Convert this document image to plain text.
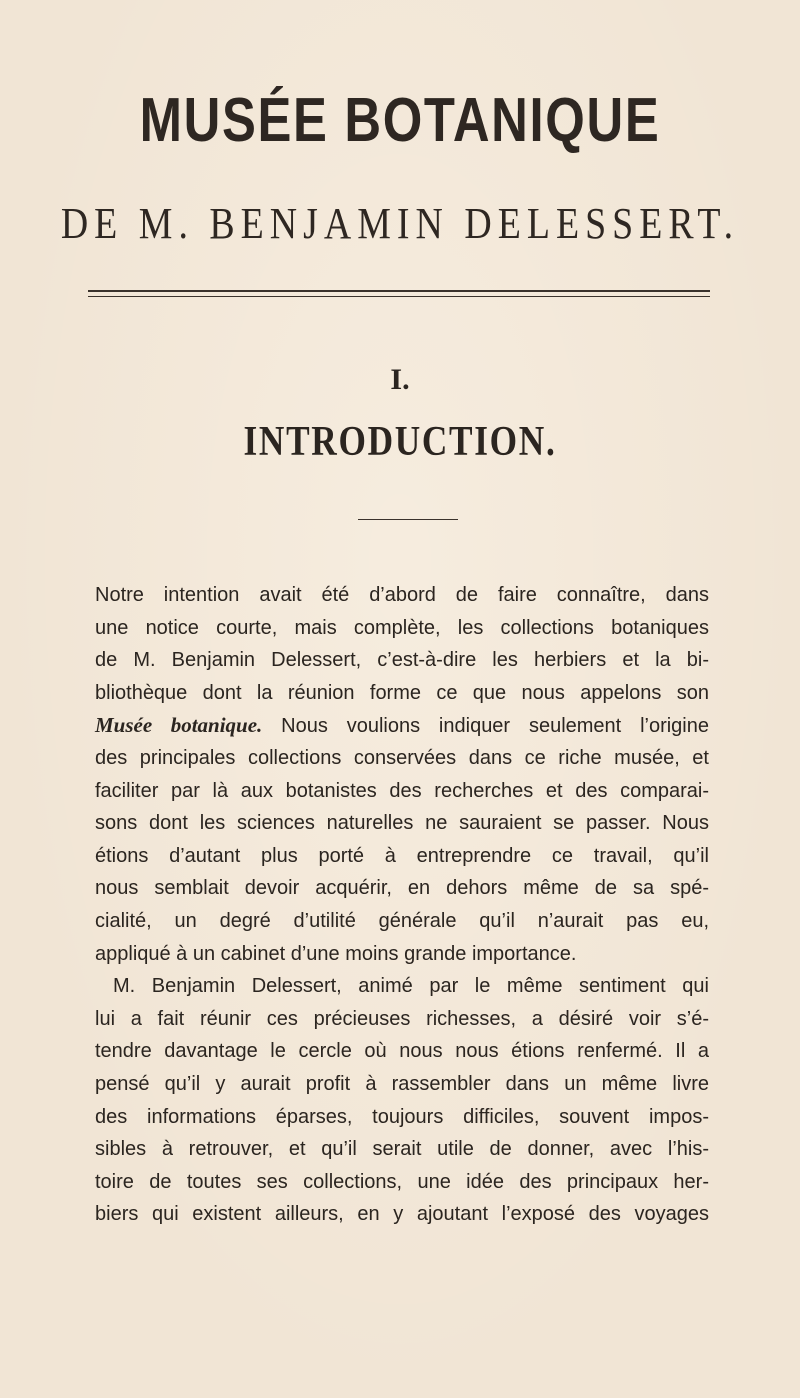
MUSÉE BOTANIQUE
DE M. BENJAMIN DELESSERT.

I.

INTRODUCTION.
Notre intention avait été d’abord de faire connaître, dans
une notice courte, mais complète, les collections botaniques
de M. Benjamin Delessert, c’est-à-dire les herbiers et la bi-
bliothèque dont la réunion forme ce que nous appelons son
Musée botanique. Nous voulions indiquer seulement l’origine
des principales collections conservées dans ce riche musée, et
faciliter par là aux botanistes des recherches et des comparai-
sons dont les sciences naturelles ne sauraient se passer. Nous
étions d’autant plus porté à entreprendre ce travail, qu’il
nous semblait devoir acquérir, en dehors même de sa spé-
cialité, un degré d’utilité générale qu’il n’aurait pas eu,
appliqué à un cabinet d’une moins grande importance.
M. Benjamin Delessert, animé par le même sentiment qui
lui a fait réunir ces précieuses richesses, a désiré voir s’é-
tendre davantage le cercle où nous nous étions renfermé. Il a
pensé qu’il y aurait profit à rassembler dans un même livre
des informations éparses, toujours difficiles, souvent impos-
sibles à retrouver, et qu’il serait utile de donner, avec l’his-
toire de toutes ses collections, une idée des principaux her-
biers qui existent ailleurs, en y ajoutant l’exposé des voyages
